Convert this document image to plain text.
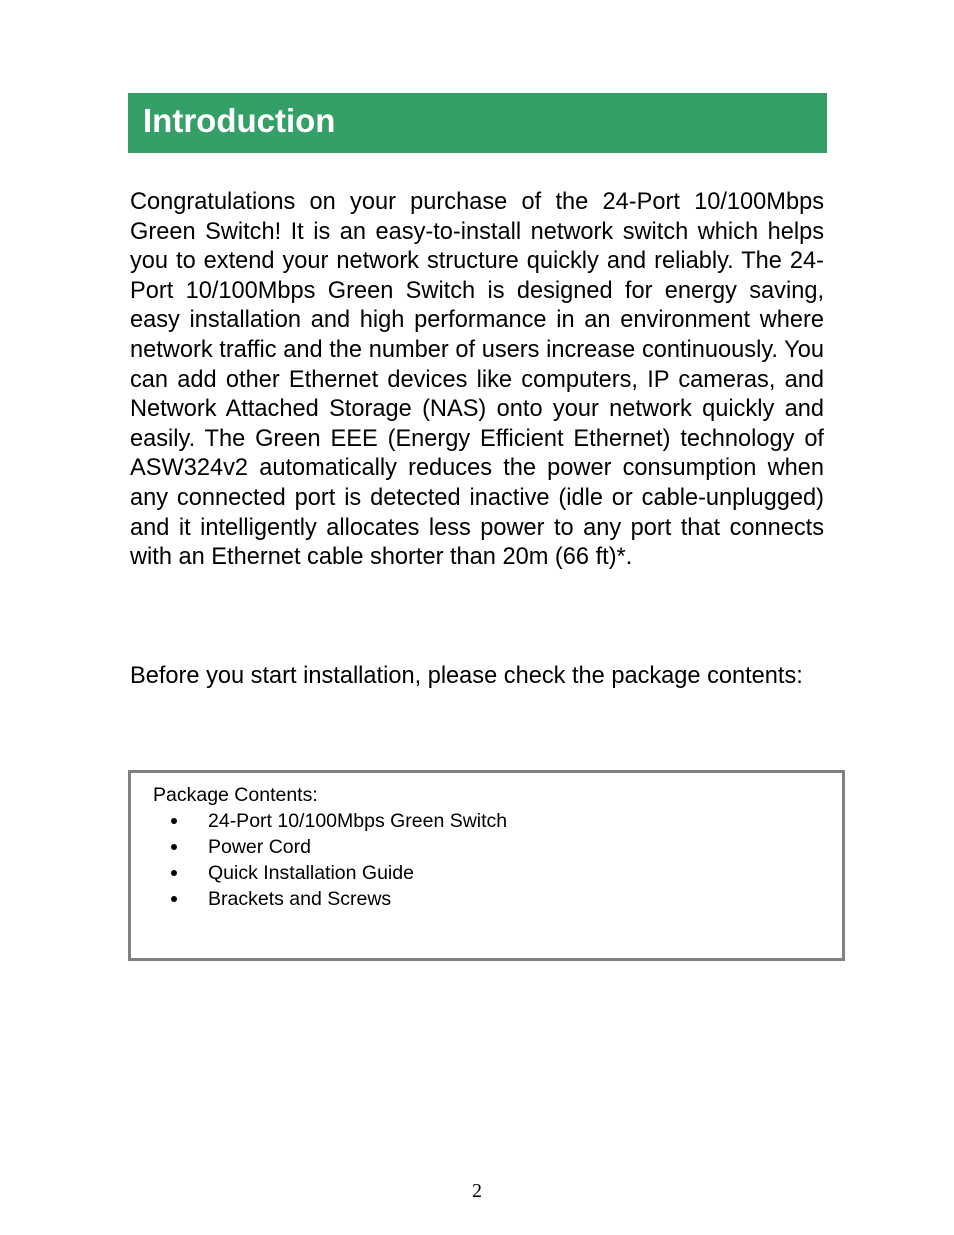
Introduction

Congratulations on your purchase of the 24-Port 10/100Mbps Green Switch! It is an easy-to-install network switch which helps you to extend your network structure quickly and reliably. The 24-Port 10/100Mbps Green Switch is designed for energy saving, easy installation and high performance in an environment where network traffic and the number of users increase continuously. You can add other Ethernet devices like computers, IP cameras, and Network Attached Storage (NAS) onto your network quickly and easily. The Green EEE (Energy Efficient Ethernet) technology of ASW324v2 automatically reduces the power consumption when any connected port is detected inactive (idle or cable-unplugged) and it intelligently allocates less power to any port that connects with an Ethernet cable shorter than 20m (66 ft)*.

Before you start installation, please check the package contents:

Package Contents:

24-Port 10/100Mbps Green Switch
Power Cord
Quick Installation Guide
Brackets and Screws

2
